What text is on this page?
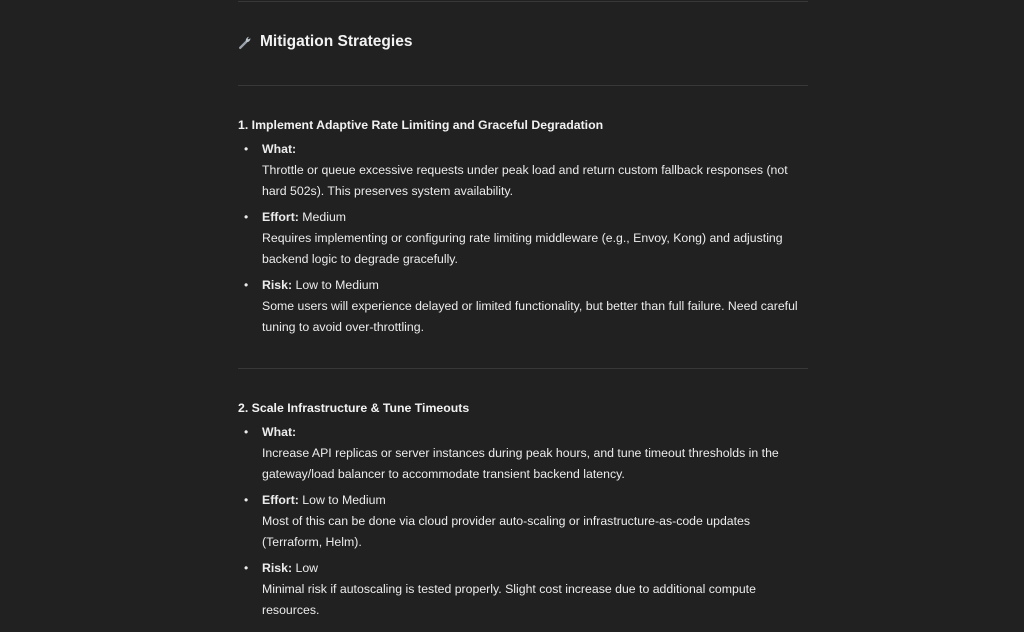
Mitigation Strategies
1. Implement Adaptive Rate Limiting and Graceful Degradation
• What:
Throttle or queue excessive requests under peak load and return custom fallback responses (not hard 502s). This preserves system availability.
• Effort: Medium
Requires implementing or configuring rate limiting middleware (e.g., Envoy, Kong) and adjusting backend logic to degrade gracefully.
• Risk: Low to Medium
Some users will experience delayed or limited functionality, but better than full failure. Need careful tuning to avoid over-throttling.
2. Scale Infrastructure & Tune Timeouts
• What:
Increase API replicas or server instances during peak hours, and tune timeout thresholds in the gateway/load balancer to accommodate transient backend latency.
• Effort: Low to Medium
Most of this can be done via cloud provider auto-scaling or infrastructure-as-code updates (Terraform, Helm).
• Risk: Low
Minimal risk if autoscaling is tested properly. Slight cost increase due to additional compute resources.
